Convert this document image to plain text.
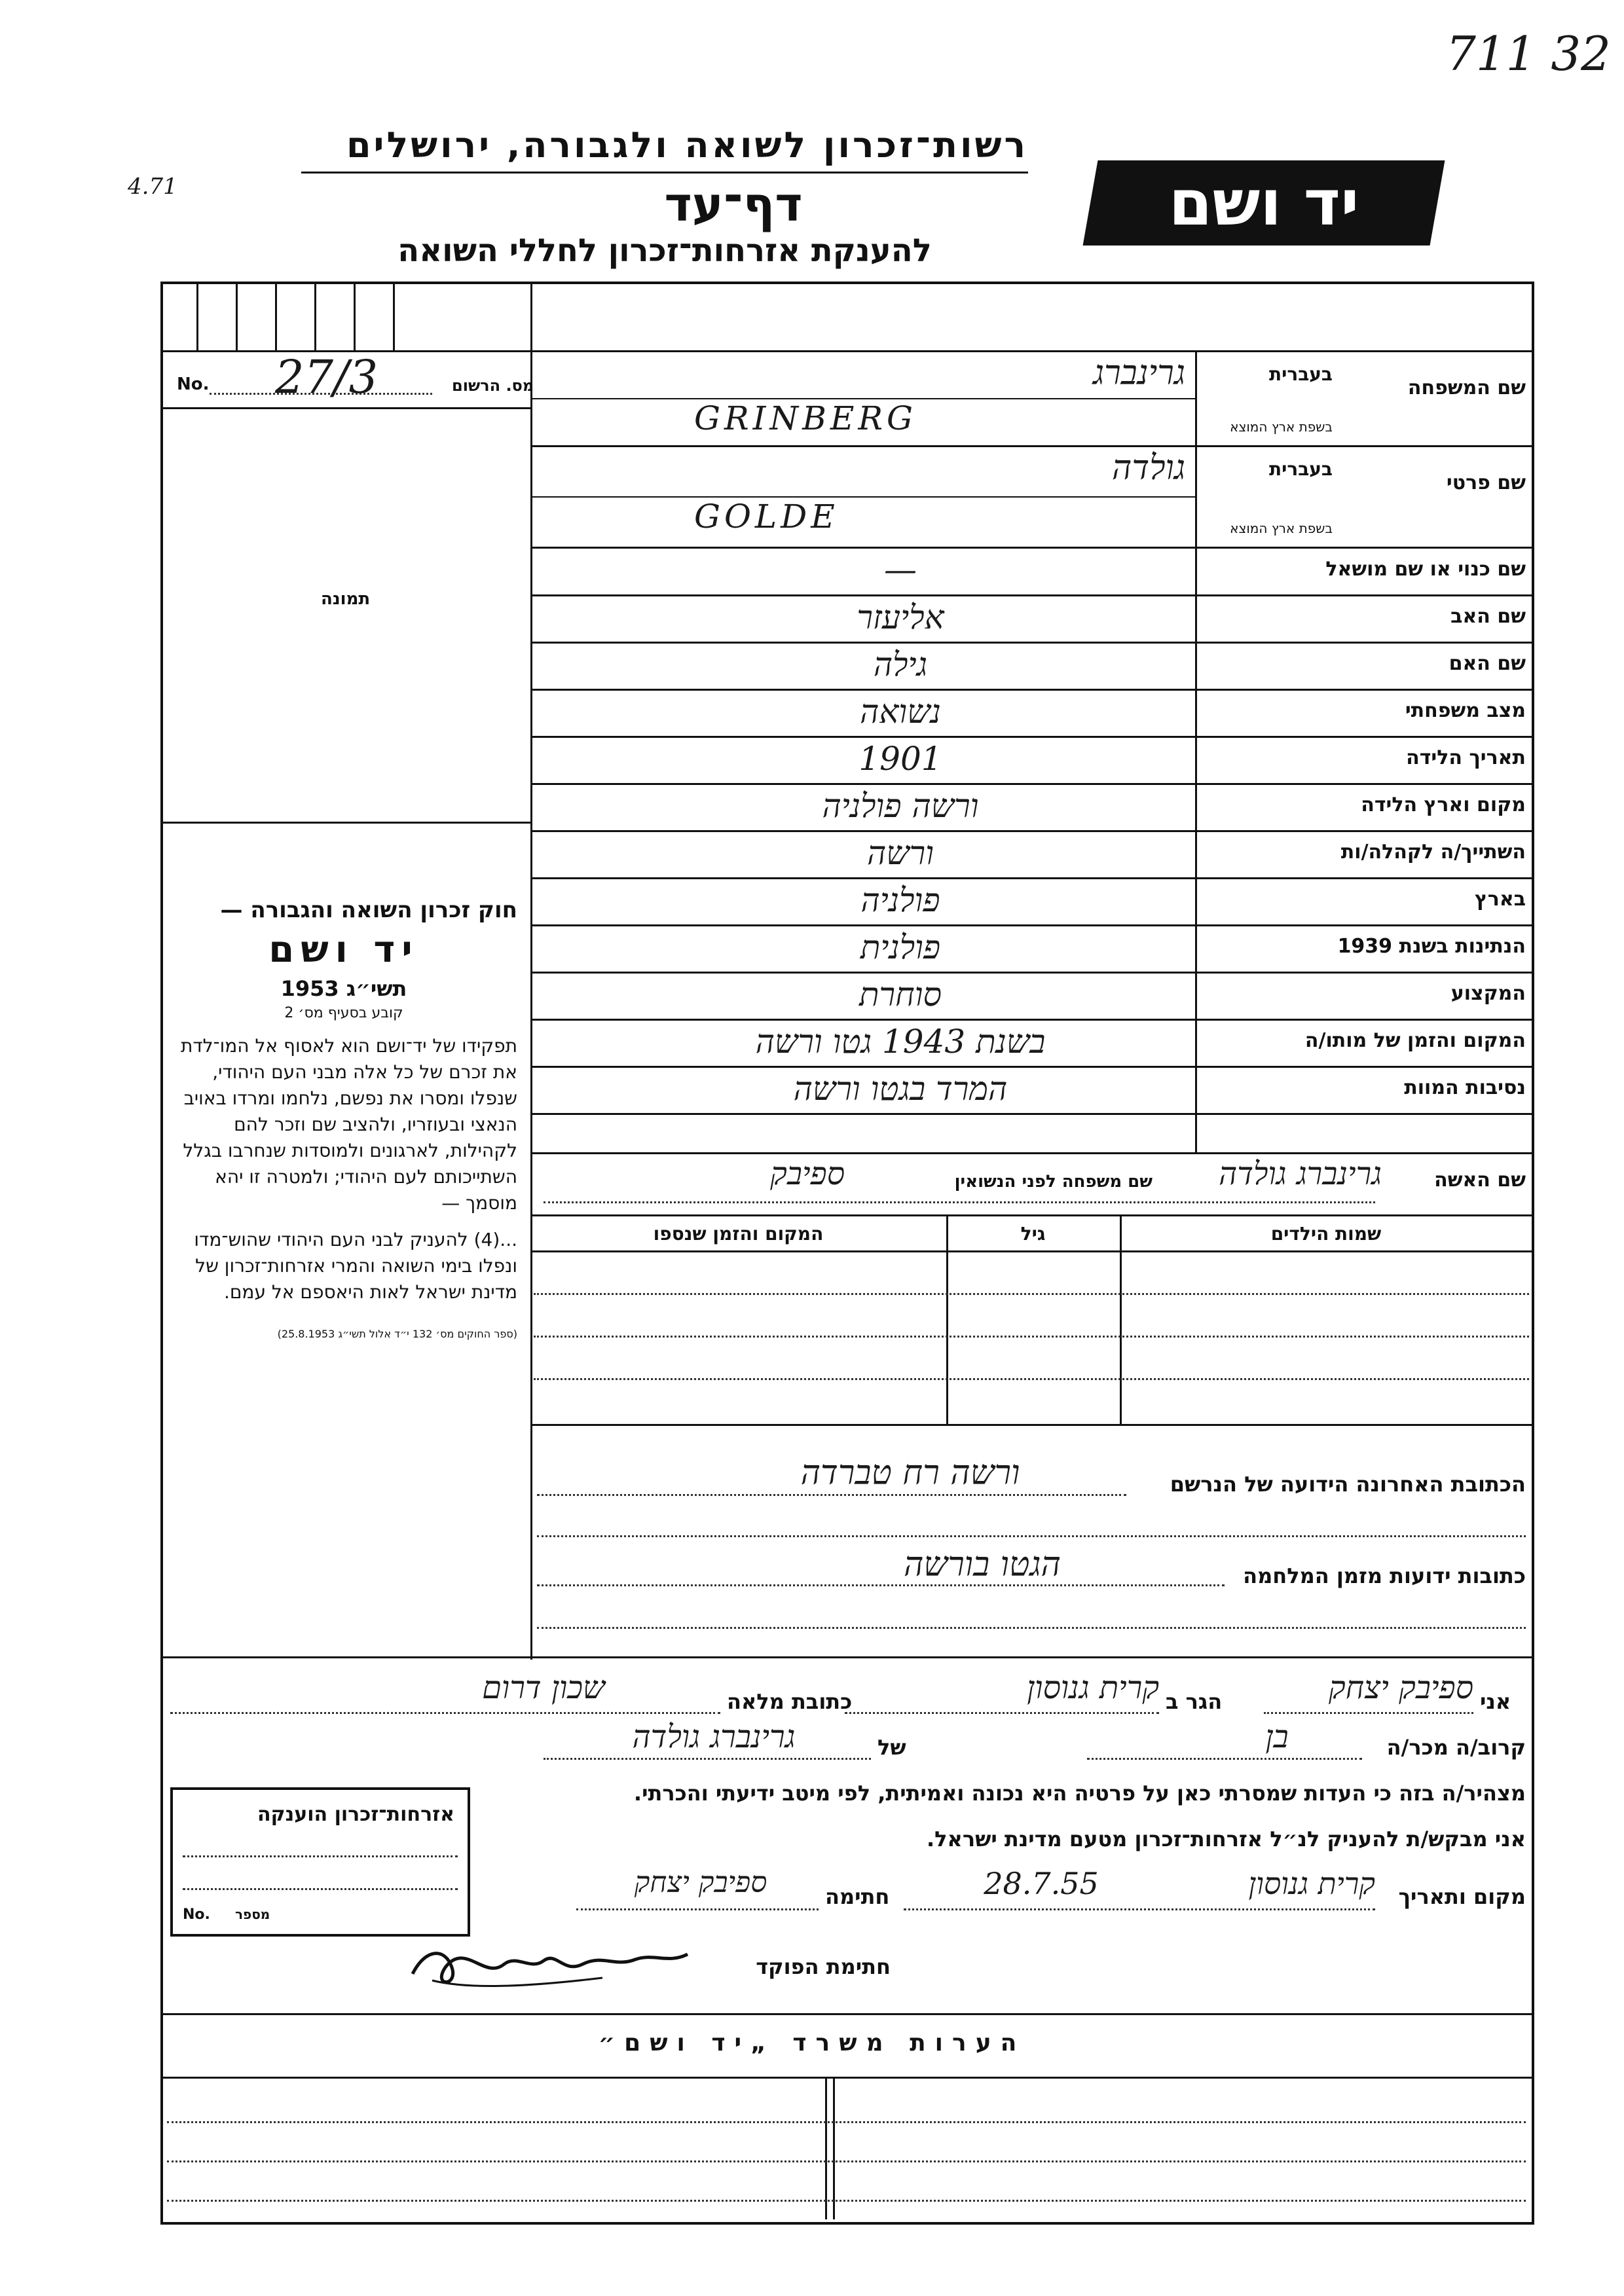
711 32
4.71
רשות־זכרון לשואה ולגבורה, ירושלים
דף־עד
להענקת אזרחות־זכרון לחללי השואה
יד ושם
No. 27/3	מס. הרשום
תמונה
חוק זכרון השואה והגבורה —
יד ושם
תשי״ג 1953
קובע בסעיף מס׳ 2
תפקידו של יד־ושם הוא לאסוף אל המו־לדת את זכרם של כל אלה מבני העם היהודי, שנפלו ומסרו את נפשם, נלחמו ומרדו באויב הנאצי ובעוזריו, ולהציב שם וזכר להם לקהילות, לארגונים ולמוסדות שנחרבו בגלל השתייכותם לעם היהודי; ולמטרה זו יהא מוסמך —
...(4) להעניק לבני העם היהודי שהוש־מדו ונפלו בימי השואה והמרי אזרחות־זכרון של מדינת ישראל לאות היאספם אל עמם.
(ספר החוקים מס׳ 132 י״ד אלול תשי״ג 25.8.1953)
שם המשפחה
בעברית
בשפת ארץ המוצא
גרינברג
GRINBERG
שם פרטי
בעברית
בשפת ארץ המוצא
גולדה
GOLDE
שם כנוי או שם מושאל
—
שם האב
אליעזר
שם האם
גילה
מצב משפחתי
נשואה
תאריך הלידה
1901
מקום וארץ הלידה
ורשה פולניה
השתייך/ה לקהלה/ות
ורשה
בארץ
פולניה
הנתינות בשנת 1939
פולנית
המקצוע
סוחרת
המקום והזמן של מותו/ה
בשנת 1943 גטו ורשה
נסיבות המוות
המרד בגטו ורשה
שם האשה
גרינברג גולדה
שם משפחה לפני הנשואין
ספיבק
שמות הילדים
גיל
המקום והזמן שנספו
הכתובת האחרונה הידועה של הנרשם
ורשה רח טברדה
כתובות ידועות מזמן המלחמה
הגטו בורשה
אני
ספיבק יצחק
הגר ב
קרית גנוסון
כתובת מלאה
שכון דרום
קרוב/ה מכר/ה
בן
של
גרינברג גולדה
מצהיר/ה בזה כי העדות שמסרתי כאן על פרטיה היא נכונה ואמיתית, לפי מיטב ידיעתי והכרתי.
אני מבקש/ת להעניק לנ״ל אזרחות־זכרון מטעם מדינת ישראל.
מקום ותאריך
קרית גנוסון
28.7.55
חתימה
ספיבק יצחק
חתימת הפוקד
אזרחות־זכרון הוענקה
No. מספר
הערות משרד „יד ושם״
